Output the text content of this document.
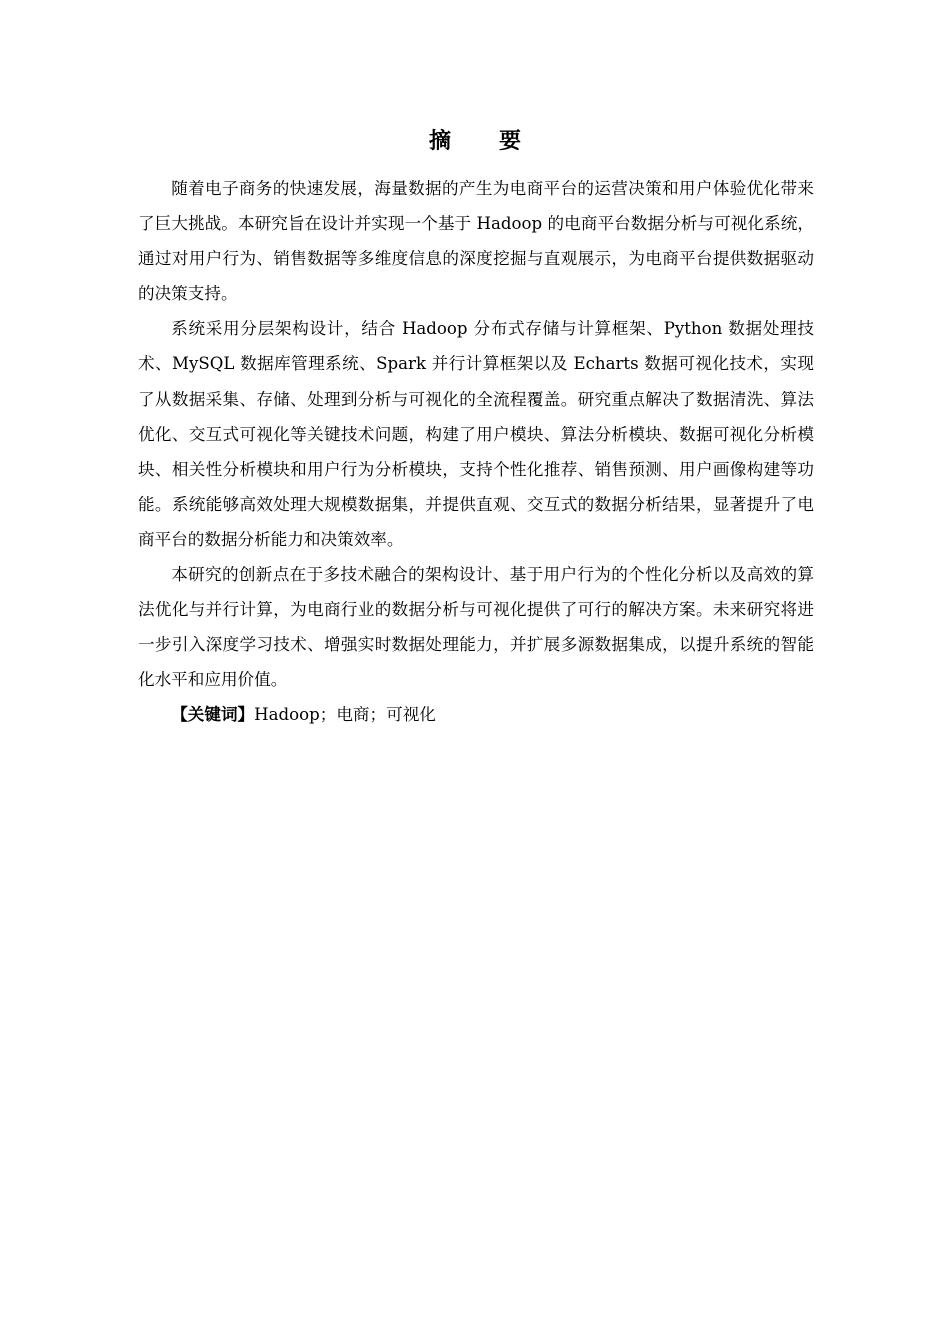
摘要

随着电子商务的快速发展，海量数据的产生为电商平台的运营决策和用户体验优化带来了巨大挑战。本研究旨在设计并实现一个基于 Hadoop 的电商平台数据分析与可视化系统，通过对用户行为、销售数据等多维度信息的深度挖掘与直观展示，为电商平台提供数据驱动的决策支持。

系统采用分层架构设计，结合 Hadoop 分布式存储与计算框架、Python 数据处理技术、MySQL 数据库管理系统、Spark 并行计算框架以及 Echarts 数据可视化技术，实现了从数据采集、存储、处理到分析与可视化的全流程覆盖。研究重点解决了数据清洗、算法优化、交互式可视化等关键技术问题，构建了用户模块、算法分析模块、数据可视化分析模块、相关性分析模块和用户行为分析模块，支持个性化推荐、销售预测、用户画像构建等功能。系统能够高效处理大规模数据集，并提供直观、交互式的数据分析结果，显著提升了电商平台的数据分析能力和决策效率。

本研究的创新点在于多技术融合的架构设计、基于用户行为的个性化分析以及高效的算法优化与并行计算，为电商行业的数据分析与可视化提供了可行的解决方案。未来研究将进一步引入深度学习技术、增强实时数据处理能力，并扩展多源数据集成，以提升系统的智能化水平和应用价值。

【关键词】Hadoop；电商；可视化
